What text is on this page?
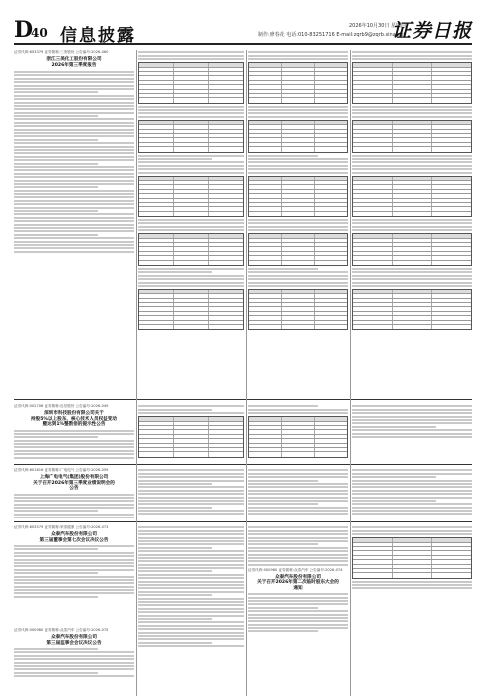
D
40 信息披露	2026年10月30日 星期四
制作:廖春花 电话:010-83251716 E-mail:zqrb9@zqrb.sina.net
证券日报
证券代码:603379 证券简称:三美股份 公告编号:2026-060
浙江三美化工股份有限公司
2026年第三季度报告
证券代码:002706 证券简称:良信股份 公告编号:2026-049
深圳市科技股份有限公司关于
持股5%以上股东、核心技术人员权益变动
暨达到1%整数倍的提示性公告
证券代码:601616 证券简称:广电电气 公告编号:2026-059
上海广电电气(集团)股份有限公司
关于召开2026年第三季度业绩说明会的
公告
证券代码:603579 证券简称:荣泰健康 公告编号:2026-073
众泰汽车股份有限公司
第三届董事会第七次会议决议公告
证券代码:000980 证券简称:众泰汽车 公告编号:2026-075
众泰汽车股份有限公司
第三届监事会会议决议公告
证券代码:000980 证券简称:众泰汽车 公告编号:2026-074
众泰汽车股份有限公司
关于召开2026年第二次临时股东大会的
通知
